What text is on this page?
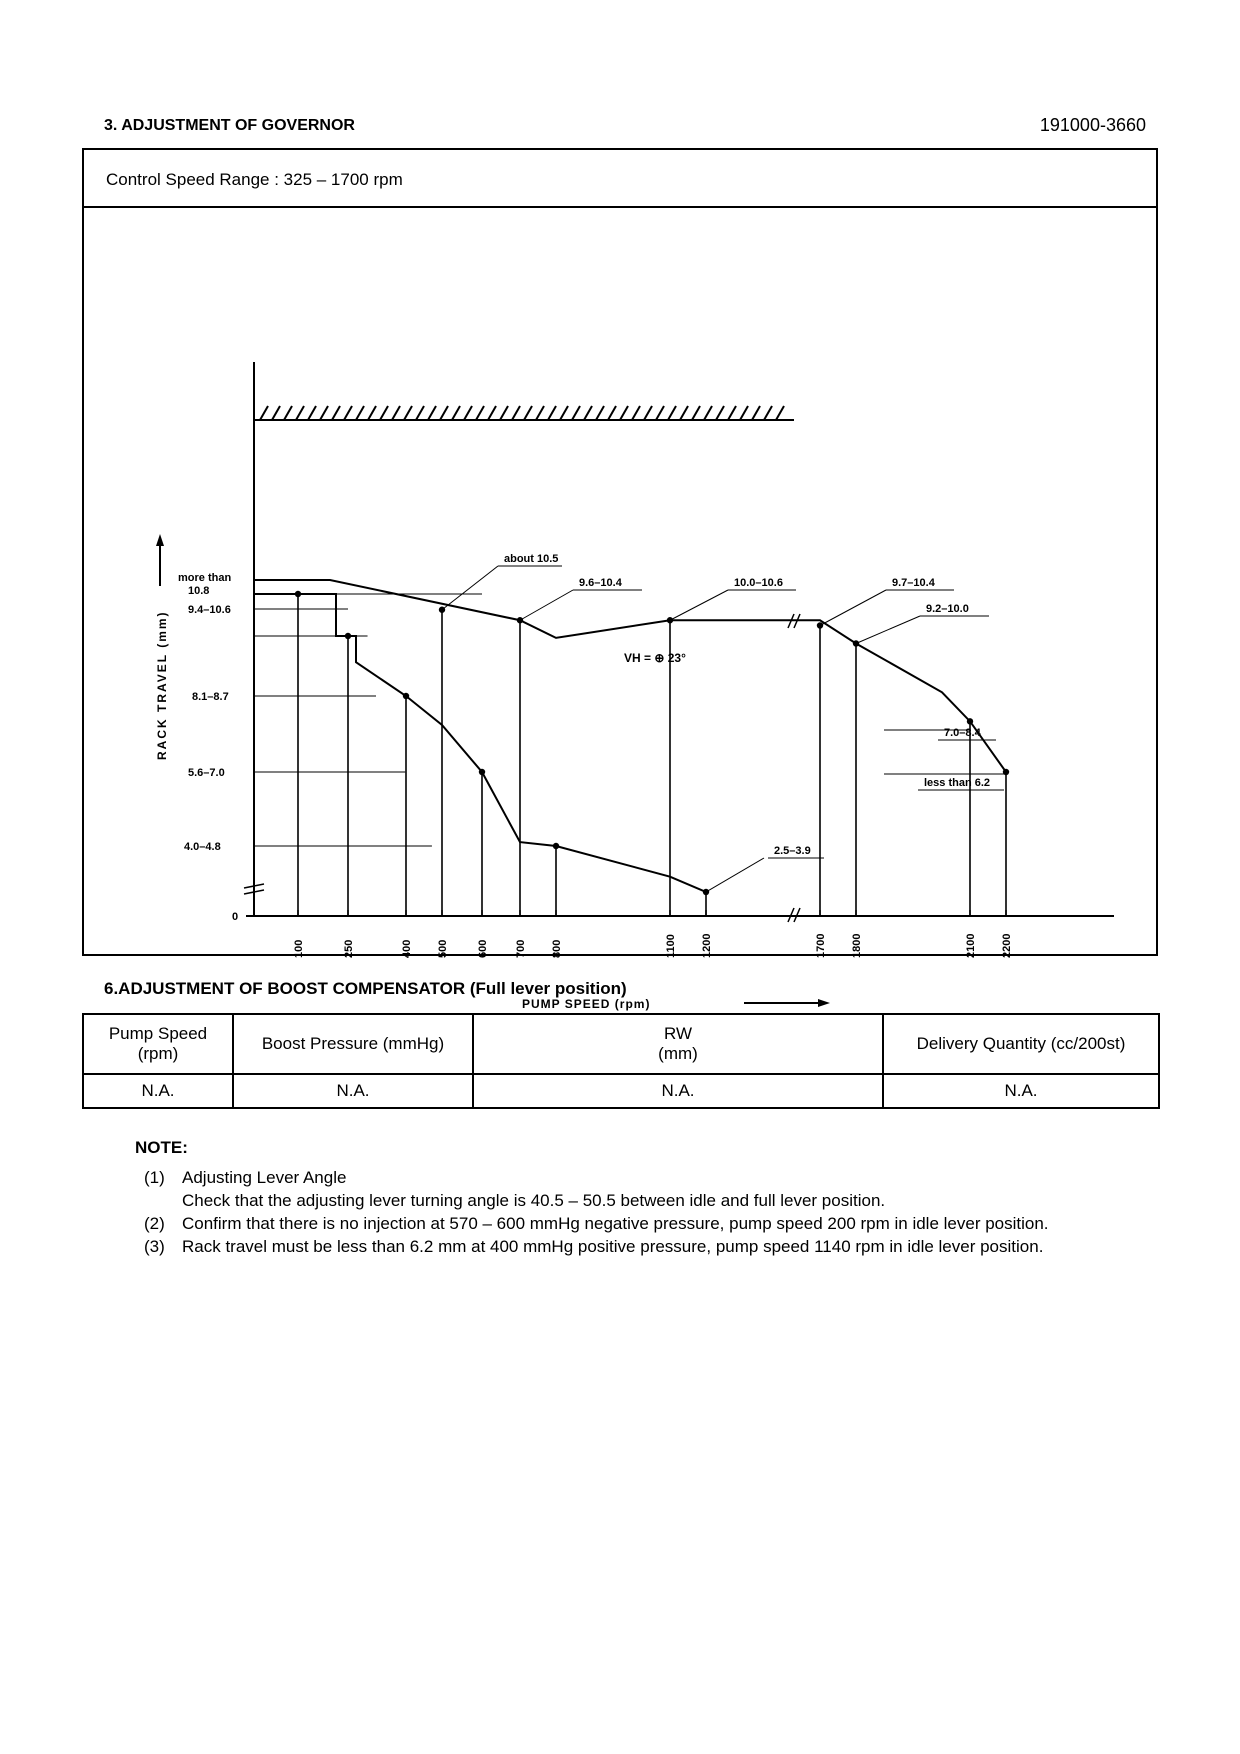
3. ADJUSTMENT OF GOVERNOR	191000-3660
Control Speed Range : 325 – 1700 rpm
100	250	400 500	600 700 800	1100 1200	1700 1800	2100 2200
0
4.0–4.8
5.6–7.0
8.1–8.7
9.4–10.6
more than
10.8
about 10.5
9.6–10.4	10.0–10.6	9.7–10.4
9.2–10.0
7.0–8.4
less than 6.2
2.5–3.9
VH = ⊕ 23°
RACK TRAVEL (mm)
PUMP SPEED (rpm)
6.ADJUSTMENT OF BOOST COMPENSATOR (Full lever position)
Pump Speed
(rpm)	Boost Pressure (mmHg)	RW
(mm)	Delivery Quantity (cc/200st)
N.A.	N.A.	N.A.	N.A.
NOTE:
(1) Adjusting Lever Angle
Check that the adjusting lever turning angle is 40.5 – 50.5 between idle and full lever position.
(2) Confirm that there is no injection at 570 – 600 mmHg negative pressure, pump speed 200 rpm in idle lever position.
(3) Rack travel must be less than 6.2 mm at 400 mmHg positive pressure, pump speed 1140 rpm in idle lever position.
